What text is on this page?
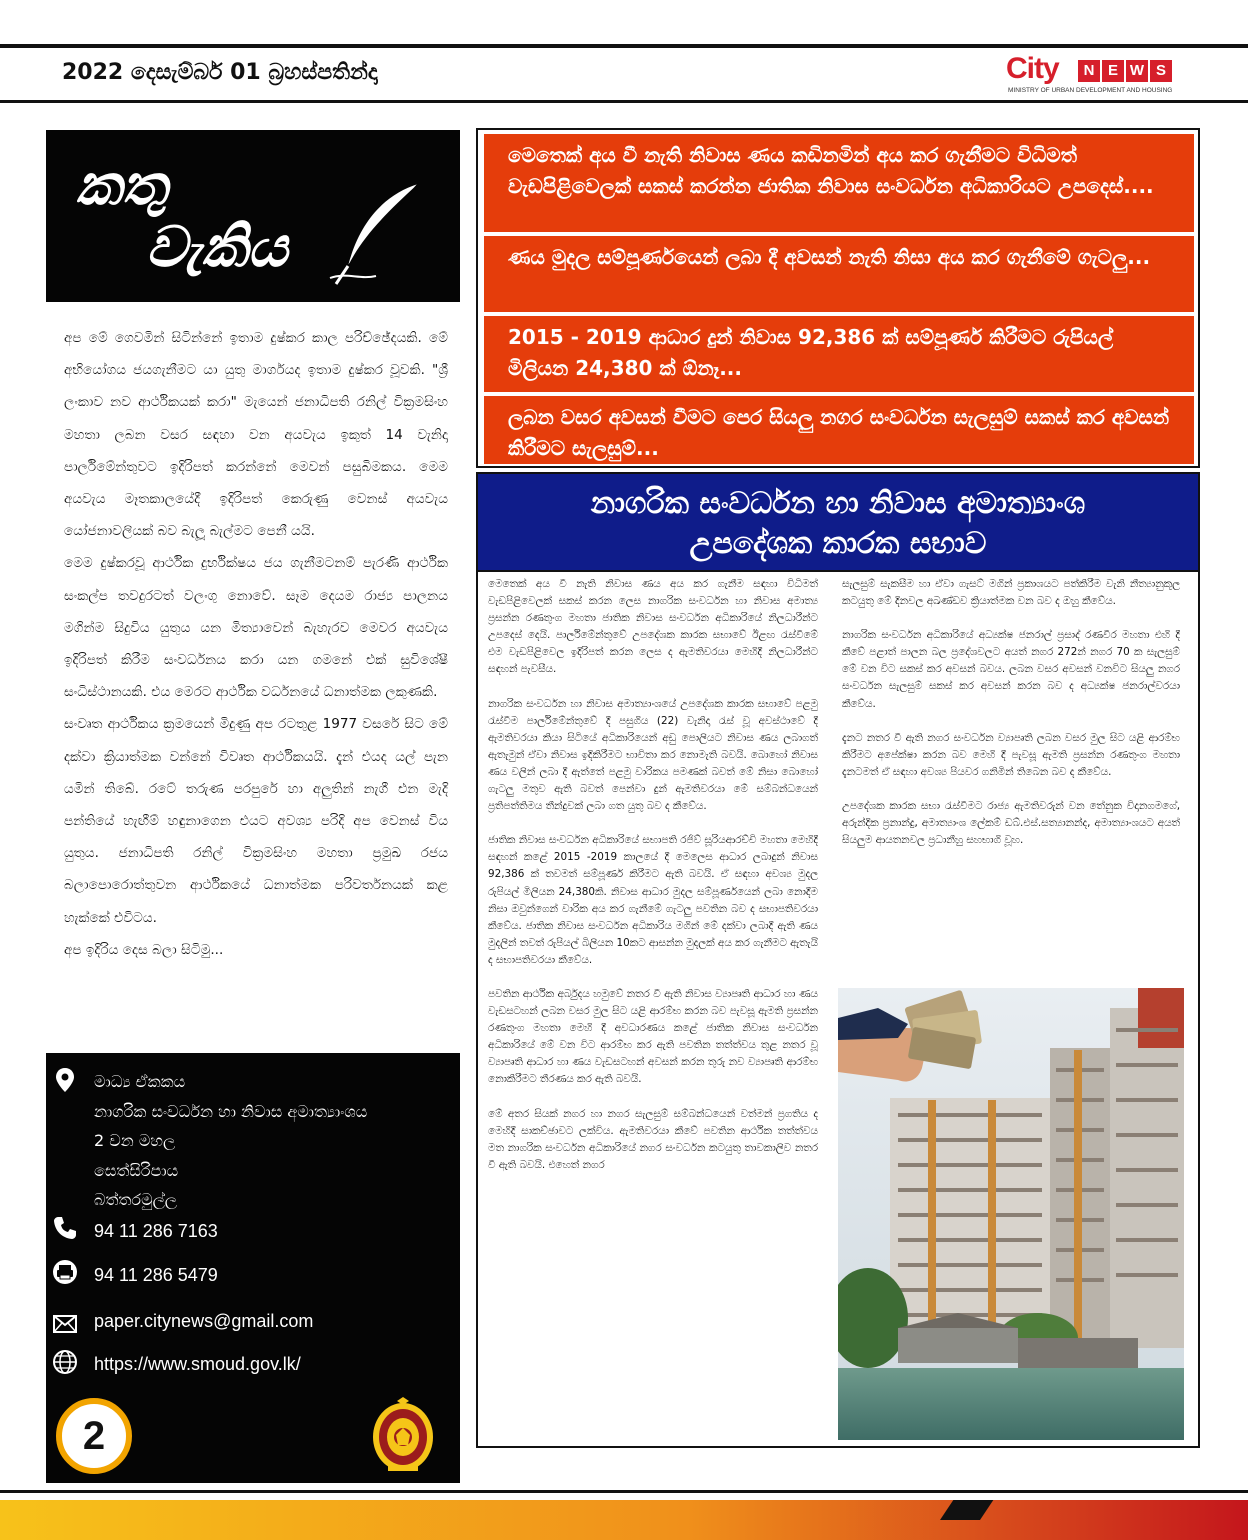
2022 දෙසැම්බර් 01 බ්‍රහස්පතින්දා	City	N E W S
MINISTRY OF URBAN DEVELOPMENT AND HOUSING
කතු
වැකිය

අප මේ ගෙවමින් සිටින්නේ ඉතාම දුෂ්කර කාල පරිච්ඡේදයකි. මේ අභියෝගය ජයගැනීමට යා යුතු මාර්ගයද ඉතාම දුෂ්කර වූවකි. "ශ්‍රී ලංකාව නව ආර්ථිකයක් කරා" මැයෙන් ජනාධිපති රනිල් වික්‍රමසිංහ මහතා ලබන වසර සඳහා වන අයවැය ඉකුත් 14 වැනිදා පාර්ලිමේන්තුවට ඉදිරිපත් කරන්නේ මෙවන් පසුබිමකය. මෙම අයවැය මෑතකාලයේදී ඉදිරිපත් කෙරුණු වෙනස් අයවැය යෝජනාවලියක් බව බැලූ බැල්මට පෙනී යයි.

මෙම දුෂ්කරවූ ආර්ථික දුර්භික්ෂය ජය ගැනීමටනම් පැරණි ආර්ථික සංකල්ප තවදුරටත් වලංගු නොවේ. සෑම දෙයම රාජ්‍ය පාලනය මගින්ම සිදුවිය යුතුය යන මිත්‍යාවෙන් බැහැරව මෙවර අයවැය ඉදිරිපත් කිරීම සංවර්ධනය කරා යන ගමනේ එක් සුවිශේෂී සංධිස්ථානයකි. එය මෙරට ආර්ථික වර්ධනයේ ධනාත්මක ලකුණකි.

සංවෘත ආර්ථිකය ක්‍රමයෙන් මිදුණු අප රටතුළ 1977 වසරේ සිට මේ දක්වා ක්‍රියාත්මක වන්නේ විවෘත ආර්ථිකයයි. දැන් එයද යල් පැන යමින් තිබේ. රටේ තරුණ පරපුරේ හා අලුතින් නැගී එන මැදි පන්තියේ හැඟීම් හඳුනාගෙන එයට අවශ්‍ය පරිදි අප වෙනස් විය යුතුය. ජනාධිපති රනිල් වික්‍රමසිංහ මහතා ප්‍රමුඛ රජය බලාපොරොත්තුවන ආර්ථිකයේ ධනාත්මක පරිවර්තනයක් කළ හැක්කේ එවිටය.

අප ඉදිරිය දෙස බලා සිටිමු...

මාධ්‍ය ඒකකය
නාගරික සංවර්ධන හා නිවාස අමාත්‍යාංශය
2 වන මහල
සෙත්සිරිපාය
බත්තරමුල්ල
94 11 286 7163
94 11 286 5479
paper.citynews@gmail.com
https://www.smoud.gov.lk/
2
මෙතෙක් අය වී නැති නිවාස ණය කඩිනමින් අය කර ගැනීමට විධිමත් වැඩපිළිවෙලක් සකස් කරන්න ජාතික නිවාස සංවර්ධන අධිකාරියට උපදෙස්....
ණය මුදල සම්පූර්ණයෙන් ලබා දී අවසන් නැති නිසා අය කර ගැනීමේ ගැටලු...
2015 - 2019 ආධාර දුන් නිවාස 92,386 ක් සම්පූර්ණ කිරීමට රුපියල් මිලියන 24,380 ක් ඕනෑ...
ලබන වසර අවසන් වීමට පෙර සියලු නගර සංවර්ධන සැලසුම් සකස් කර අවසන් කිරීමට සැලසුම්...
නාගරික සංවර්ධන හා නිවාස අමාත්‍යාංශ
උපදේශක කාරක සභාව

මෙතෙක් අය වී නැති නිවාස ණය අය කර ගැනීම සඳහා විධිමත් වැඩපිළිවෙලක් සකස් කරන ලෙස නාගරික සංවර්ධන හා නිවාස අමාත්‍ය ප්‍රසන්න රණතුංග මහතා ජාතික නිවාස සංවර්ධන අධිකාරියේ නිලධාරීන්ට උපදෙස් දෙයි. පාර්ලිමේන්තුවේ උපදේශක කාරක සභාවේ ඊළඟ රැස්වීමේ එම වැඩපිළිවෙල ඉදිරිපත් කරන ලෙස ද ඇමතිවරයා මෙහිදී නිලධාරීන්ට සඳහන් පැවසීය.

නාගරික සංවර්ධන හා නිවාස අමාත්‍යාංශයේ උපදේශක කාරක සභාවේ පළමු රැස්වීම පාර්ලිමේන්තුවේ දී පසුගිය (22) වැනිදා රැස් වූ අවස්ථාවේ දී ඇමතිවරයා කියා සිටියේ අධිකාරියෙන් අඩු පොලියට නිවාස ණය ලබාගත් ඇතැමුන් ඒවා නිවාස ඉදිකිරීමට භාවිතා කර නොමැති බවයි. බොහෝ නිවාස ණය වලින් ලබා දී ඇත්තේ පළමු වාරිකය පමණක් බවත් මේ නිසා බොහෝ ගැටලු මතුව ඇති බවත් පෙන්වා දුන් ඇමතිවරයා මේ සම්බන්ධයෙන් ප්‍රතිපත්තිමය තීන්දුවක් ලබා ගත යුතු බව ද කීවේය.

ජාතික නිවාස සංවර්ධන අධිකාරියේ සභාපති රජිව් සූරියආරච්චි මහතා මෙහිදී සඳහන් කළේ 2015 -2019 කාලයේ දී මෙලෙස ආධාර ලබාදුන් නිවාස 92,386 ක් තවමත් සම්පූර්ණ කිරීමට ඇති බවයි. ඒ සඳහා අවශ්‍ය මුදල රුපියල් මිලියන 24,380කි. නිවාස ආධාර මුදල සම්පූර්ණයෙන් ලබා නොදීම නිසා ඔවුන්ගෙන් වාරික අය කර ගැනීමේ ගැටලු පවතින බව ද සභාපතිවරයා කීවේය. ජාතික නිවාස සංවර්ධන අධිකාරිය මගින් මේ දක්වා ලබාදී ඇති ණය මුදලින් තවත් රුපියල් බිලියන 10කට ආසන්න මුදලක් අය කර ගැනීමට ඇතැයි ද සභාපතිවරයා කීවේය.

පවතින ආර්ථික අර්බුදය හමුවේ නතර වී ඇති නිවාස ව්‍යාපෘති ආධාර හා ණය වැඩසටහන් ලබන වසර මුල සිට යළි ආරම්භ කරන බව පැවසූ ඇමති ප්‍රසන්න රණතුංග මහතා මෙහි දී අවධාරණය කළේ ජාතික නිවාස සංවර්ධන අධිකාරියේ මේ වන විට ආරම්භ කර ඇති පවතින තත්ත්වය තුළ නතර වූ ව්‍යාපෘති ආධාර හා ණය වැඩසටහන් අවසන් කරන තුරු නව ව්‍යාපෘති ආරම්භ නොකිරීමට තීරණය කර ඇති බවයි.

මේ අතර සියක් නගර හා නගර සැලසුම් සම්බන්ධයෙන් වත්මන් ප්‍රගතිය ද මෙහිදී සාකච්ඡාවට ලක්විය. ඇමතිවරයා කීවේ පවතින ආර්ථික තත්ත්වය මත නාගරික සංවර්ධන අධිකාරියේ නගර සංවර්ධන කටයුතු තාවකාලිව නතර වී ඇති බවයි. එහෙත් නගර

සැලසුම් සැකසීම හා ඒවා ගැසට් මගින් ප්‍රකාශයට පත්කිරීම වැනි නීත්‍යානුකූල කටයුතු මේ දිනවල අඛණ්ඩව ක්‍රියාත්මක වන බව ද ඔහු කීවේය.

නාගරික සංවර්ධන අධිකාරියේ අධ්‍යක්ෂ ජනරාල් ප්‍රසාද් රණවීර මහතා එහි දී කීවේ පළාත් පාලන බල ප්‍රදේශවලට අයත් නගර 272න් නගර 70 ක සැලසුම් මේ වන විට සකස් කර අවසන් බවය. ලබන වසර අවසන් වනවිට සියලු නගර සංවර්ධන සැලසුම් සකස් කර අවසන් කරන බව ද අධ්‍යක්ෂ ජනරාල්වරයා කීවේය.

දැනට නතර වී ඇති නගර සංවර්ධන ව්‍යාපෘති ලබන වසර මුල සිට යළි ආරම්භ කිරීමට අපේක්ෂා කරන බව මෙහි දී පැවසූ ඇමති ප්‍රසන්න රණතුංග මහතා දැනටමත් ඒ සඳහා අවශ්‍ය පියවර ගනිමින් තිබෙන බව ද කීවේය.

උපදේශක කාරක සභා රැස්වීමට රාජ්‍ය ඇමතිවරුන් වන තේනුක විදානගමගේ, අරුන්දික ප්‍රනාන්දු, අමාත්‍යාංශ ලේකම් ඩබ්.එස්.සත්‍යානන්ද, අමාත්‍යාංශයට අයත් සියලුම ආයතනවල ප්‍රධානීහු සහභාගි වූහ.
